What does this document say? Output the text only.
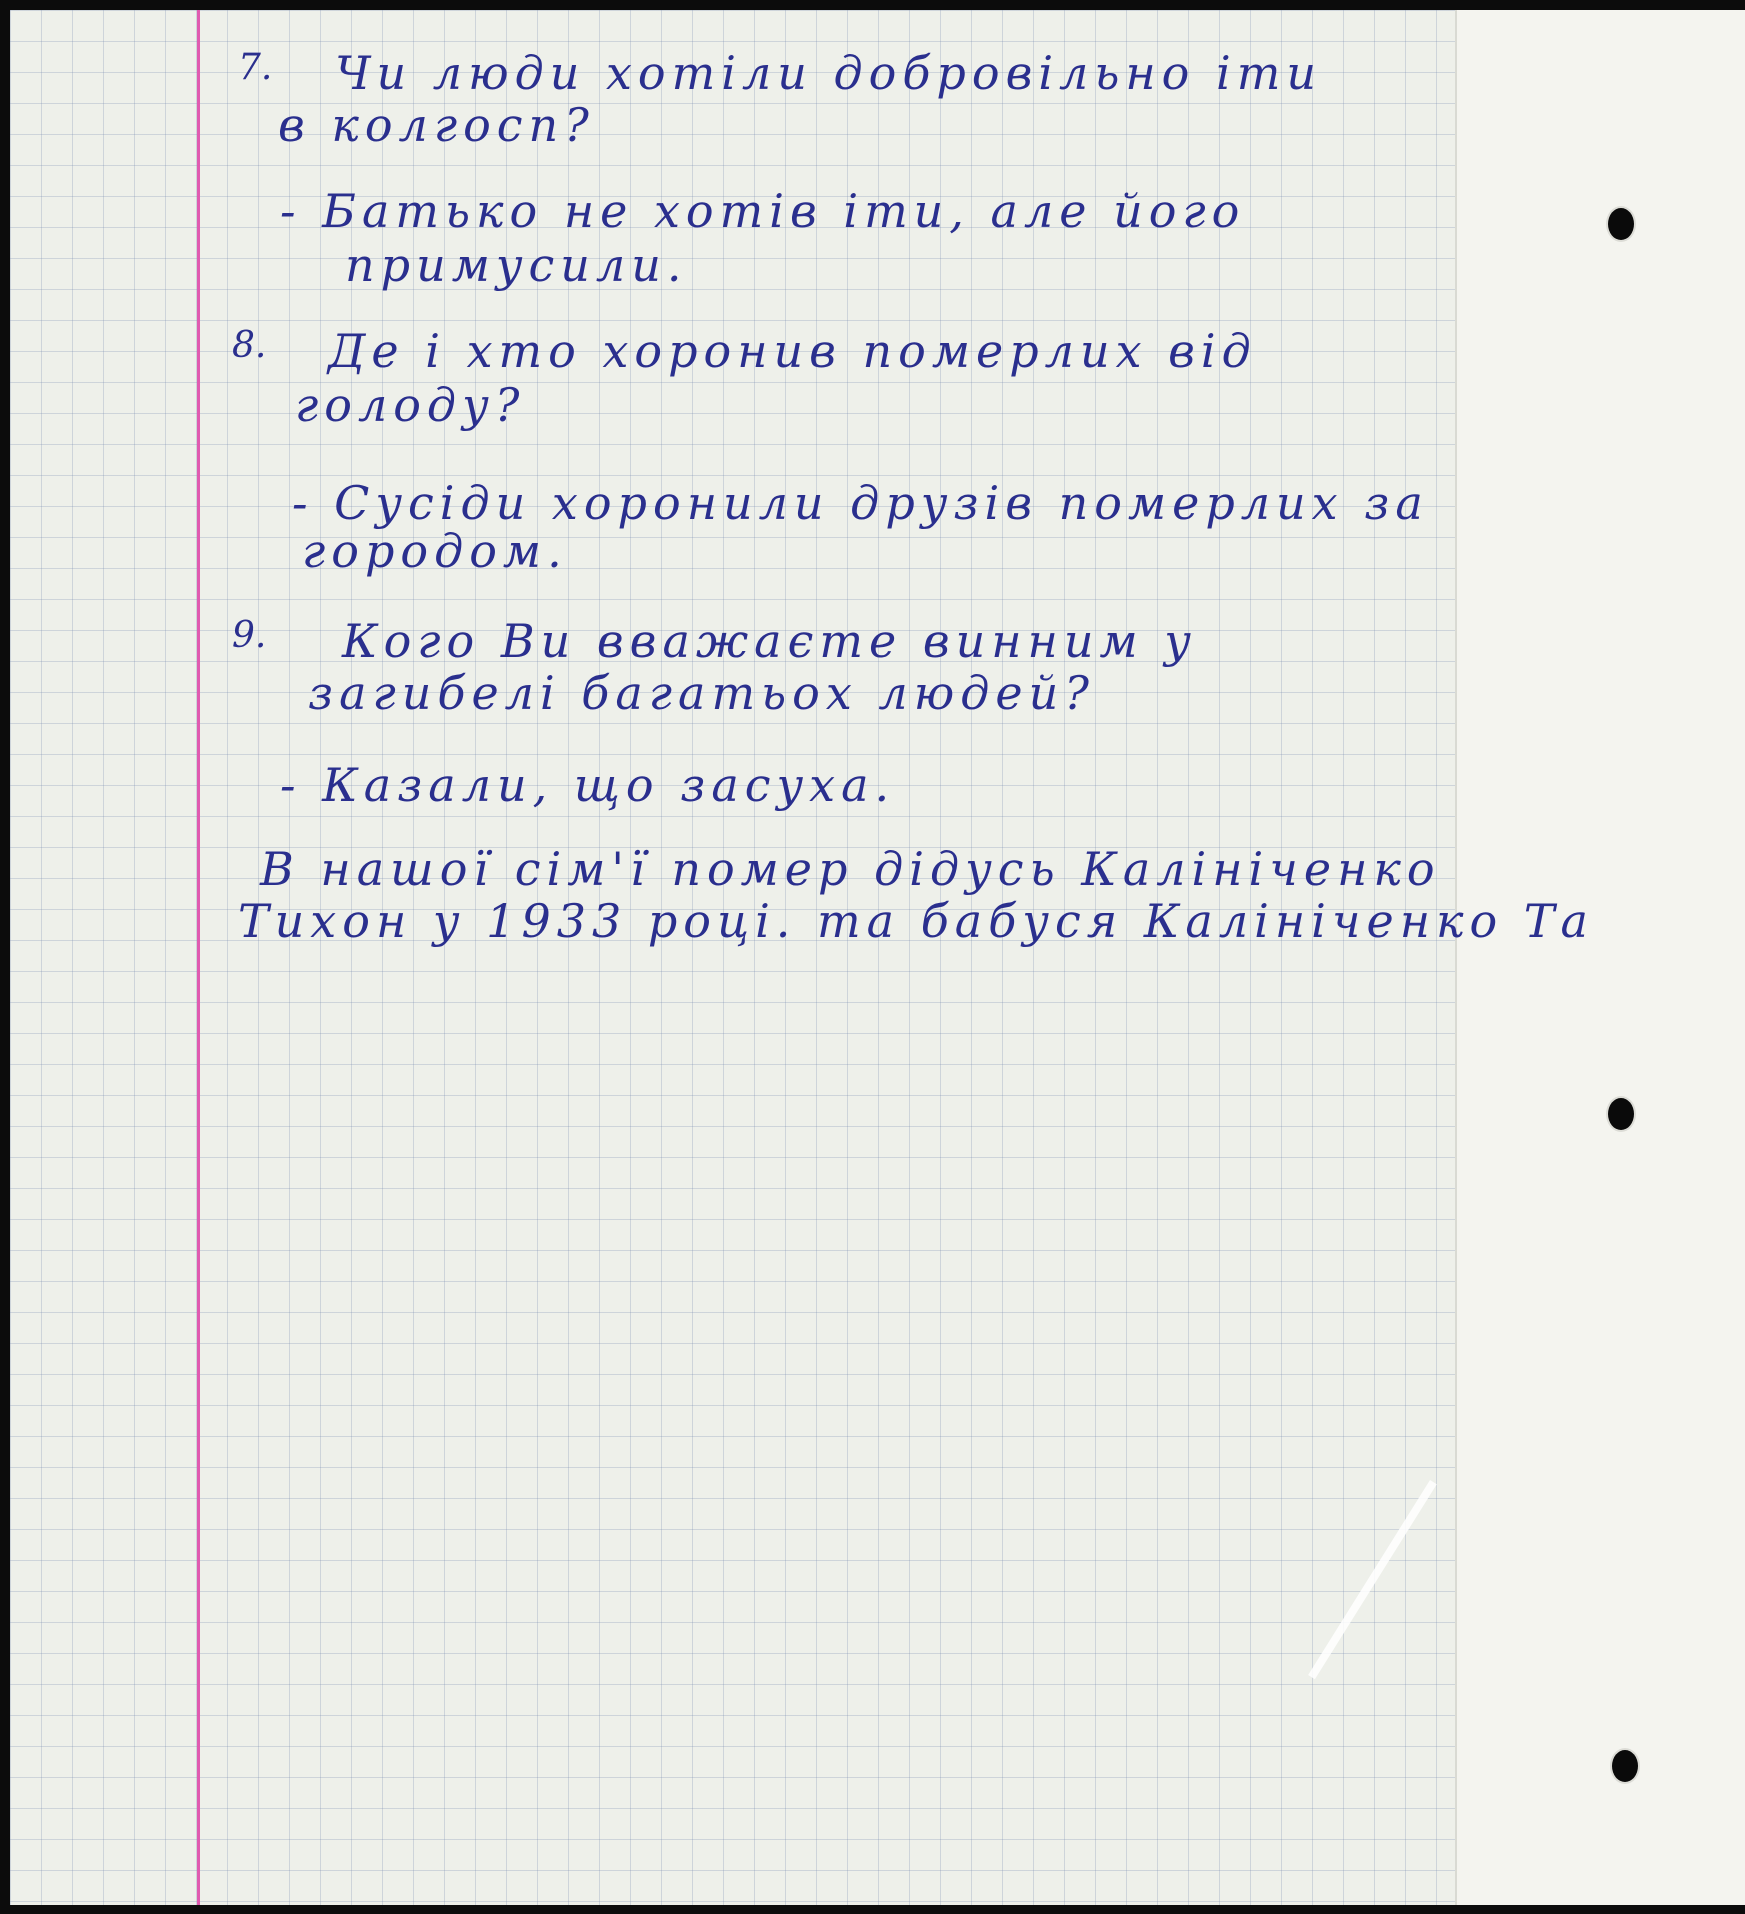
7. Чи люди хотіли добровільно іти
в колгосп?
- Батько не хотів іти, але його
примусили.
8. Де і хто хоронив померлих від
голоду?
- Сусіди хоронили друзів померлих за
городом.
9. Кого Ви вважаєте винним у
загибелі багатьох людей?
- Казали, що засуха.
В нашої сім'ї помер дідусь Калініченко
Тихон у 1933 році. та бабуся Калініченко Та
